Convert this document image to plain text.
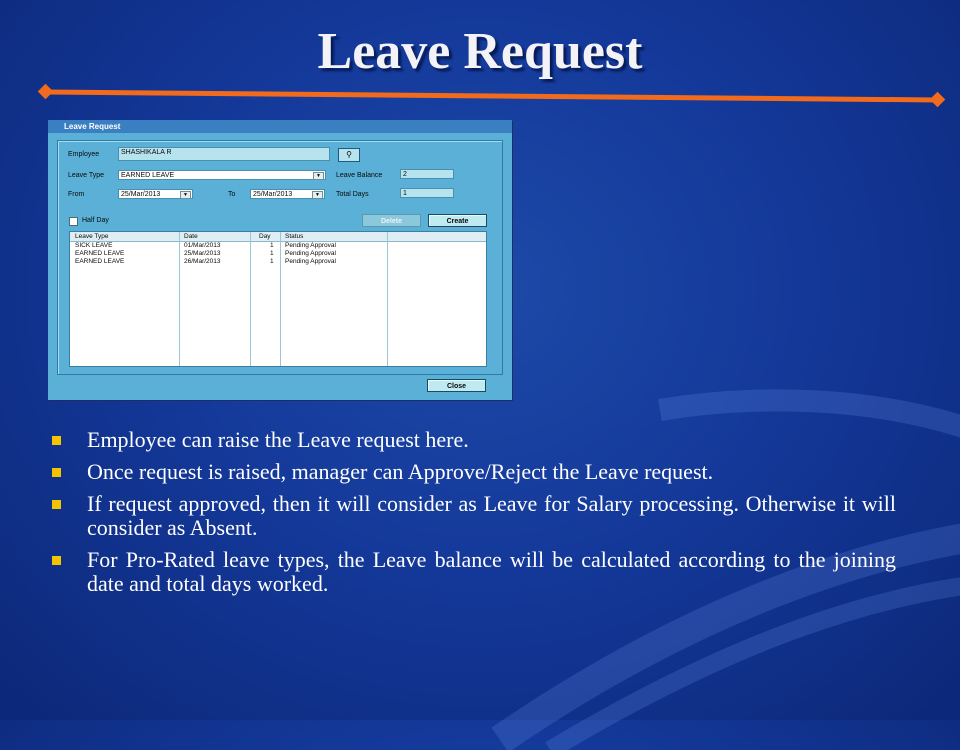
Leave Request
Leave Request
Employee	SHASHIKALA R	⚲
Leave Type	EARNED LEAVE	▼	Leave Balance	2
From	25/Mar/2013	▼	To	25/Mar/2013	▼	Total Days	1
Half Day	Delete	Create
Leave Type	Date	Day Status
SICK LEAVE	01/Mar/2013	1 Pending Approval
EARNED LEAVE	25/Mar/2013	1 Pending Approval
EARNED LEAVE	26/Mar/2013	1 Pending Approval
Close
Employee can raise the Leave request here.
Once request is raised, manager can Approve/Reject the Leave request.
If request approved, then it will consider as Leave for Salary processing. Otherwise it will consider as Absent.
For Pro-Rated leave types, the Leave balance will be calculated according to the joining date and total days worked.
